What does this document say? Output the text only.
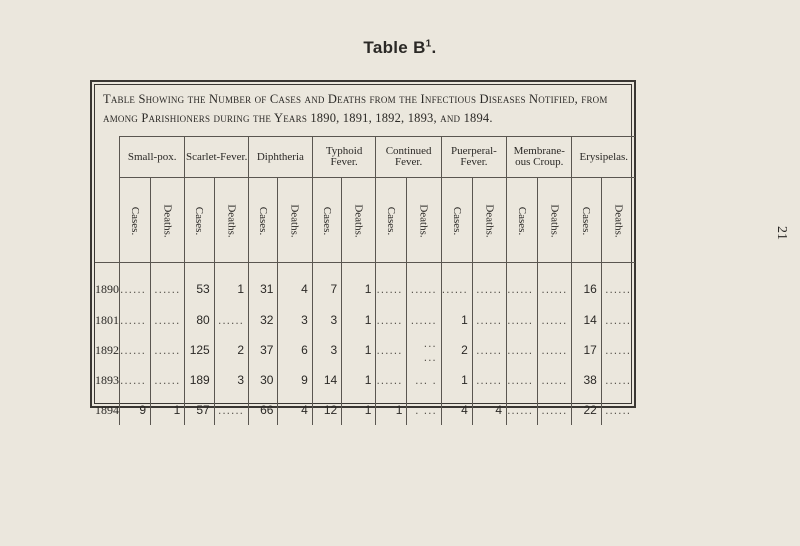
Table $B^1$.
21
Table Showing the Number of Cases and Deaths from the Infectious Diseases Notified, from among Parishioners during the Years 1890, 1891, 1892, 1893, and 1894.
	Small-pox.		Scarlet-Fever.		Diphtheria		Typhoid Fever.		Continued Fever.		Puerperal-Fever.		Membrane-ous Croup.		Erysipelas.	
	Cases.	Deaths.	Cases.	Deaths.	Cases.	Deaths.	Cases.	Deaths.	Cases.	Deaths.	Cases.	Deaths.	Cases.	Deaths.	Cases.	Deaths.
1890	......	......	53	1	31	4	7	1	......	......	......	......	......	......	16	......
1801	......	......	80	......	32	3	3	1	......	......	1	......	......	......	14	......
1892	......	......	125	2	37	6	3	1	......	... ...	2	......	......	......	17	......
1893	......	......	189	3	30	9	14	1	......	... .	1	......	......	......	38	......
1894	9	1	57	......	66	4	12	1	1	. ...	4	4	......	......	22	......
